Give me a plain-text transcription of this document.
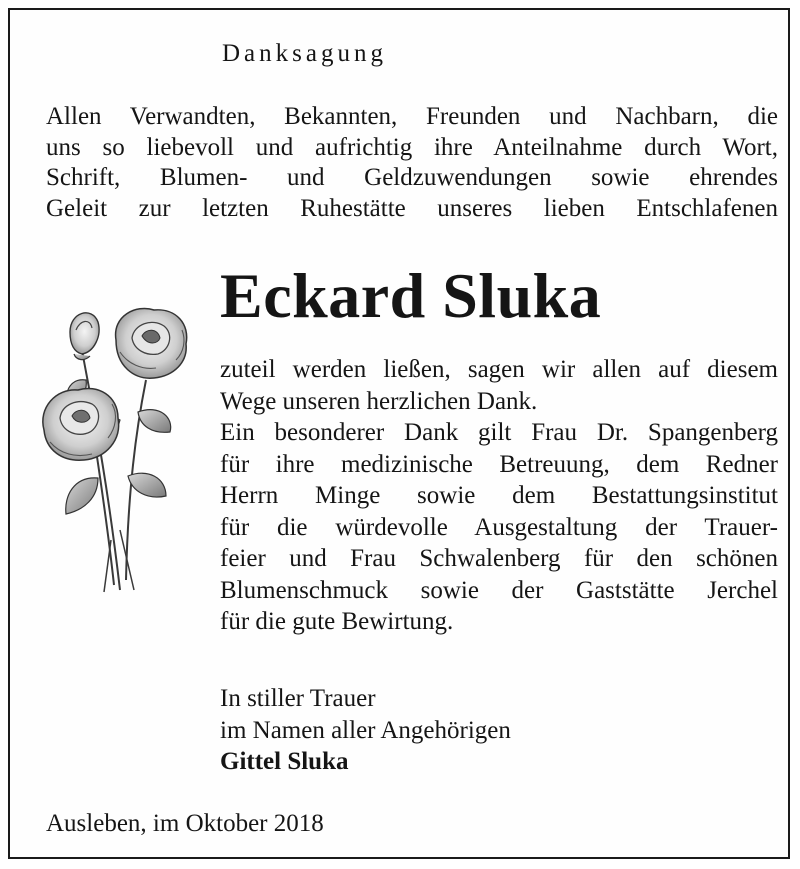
Danksagung
Allen Verwandten, Bekannten, Freunden und Nachbarn, die
uns so liebevoll und aufrichtig ihre Anteilnahme durch Wort,
Schrift, Blumen- und Geldzuwendungen sowie ehrendes
Geleit zur letzten Ruhestätte unseres lieben Entschlafenen
Eckard Sluka
zuteil werden ließen, sagen wir allen auf diesem
Wege unseren herzlichen Dank.
Ein besonderer Dank gilt Frau Dr. Spangenberg
für ihre medizinische Betreuung, dem Redner
Herrn Minge sowie dem Bestattungsinstitut
für die würdevolle Ausgestaltung der Trauer-
feier und Frau Schwalenberg für den schönen
Blumenschmuck sowie der Gaststätte Jerchel
für die gute Bewirtung.
In stiller Trauer
im Namen aller Angehörigen
Gittel Sluka
Ausleben, im Oktober 2018
